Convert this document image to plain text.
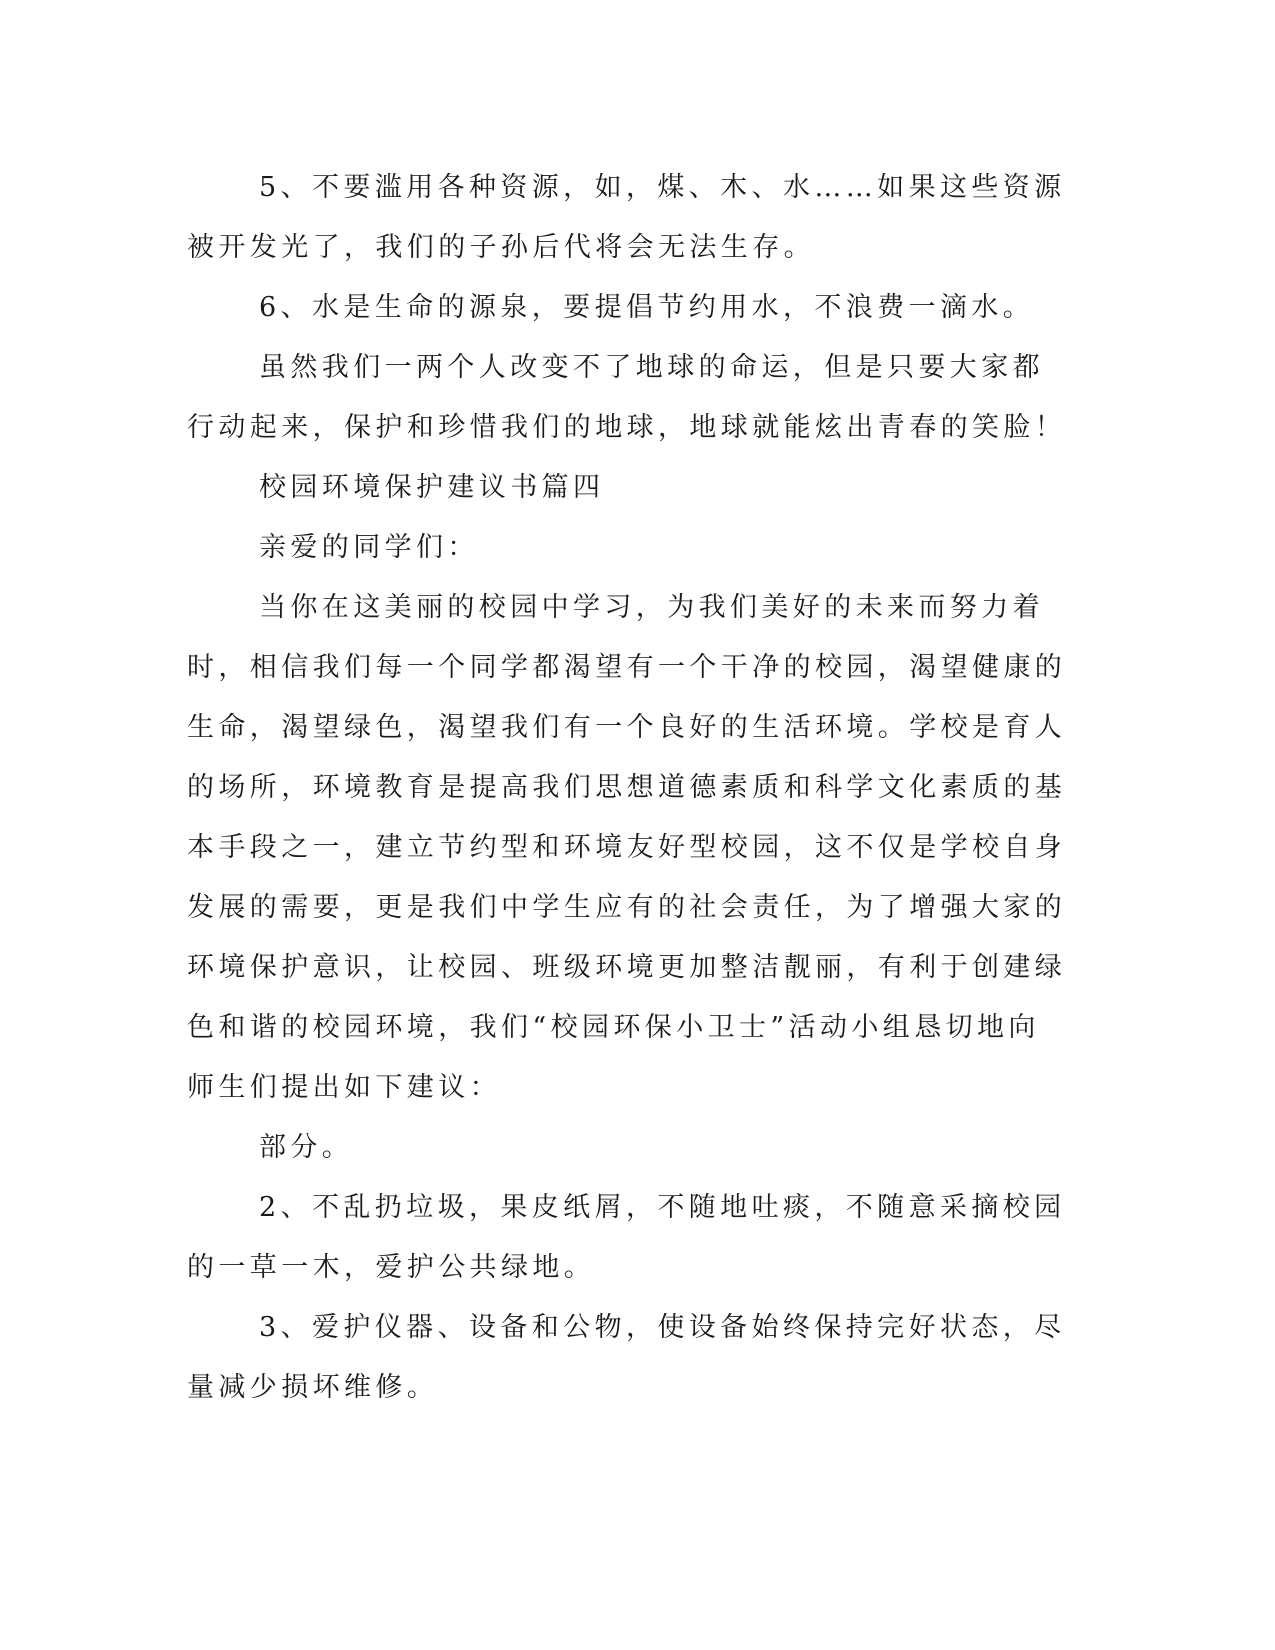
5、不要滥用各种资源，如，煤、木、水……如果这些资源被开发光了，我们的子孙后代将会无法生存。

6、水是生命的源泉，要提倡节约用水，不浪费一滴水。

虽然我们一两个人改变不了地球的命运，但是只要大家都行动起来，保护和珍惜我们的地球，地球就能炫出青春的笑脸！

校园环境保护建议书篇四

亲爱的同学们：

当你在这美丽的校园中学习，为我们美好的未来而努力着时，相信我们每一个同学都渴望有一个干净的校园，渴望健康的生命，渴望绿色，渴望我们有一个良好的生活环境。学校是育人的场所，环境教育是提高我们思想道德素质和科学文化素质的基本手段之一，建立节约型和环境友好型校园，这不仅是学校自身发展的需要，更是我们中学生应有的社会责任，为了增强大家的环境保护意识，让校园、班级环境更加整洁靓丽，有利于创建绿色和谐的校园环境，我们“校园环保小卫士”活动小组恳切地向师生们提出如下建议：

部分。

2、不乱扔垃圾，果皮纸屑，不随地吐痰，不随意采摘校园的一草一木，爱护公共绿地。

3、爱护仪器、设备和公物，使设备始终保持完好状态，尽量减少损坏维修。
